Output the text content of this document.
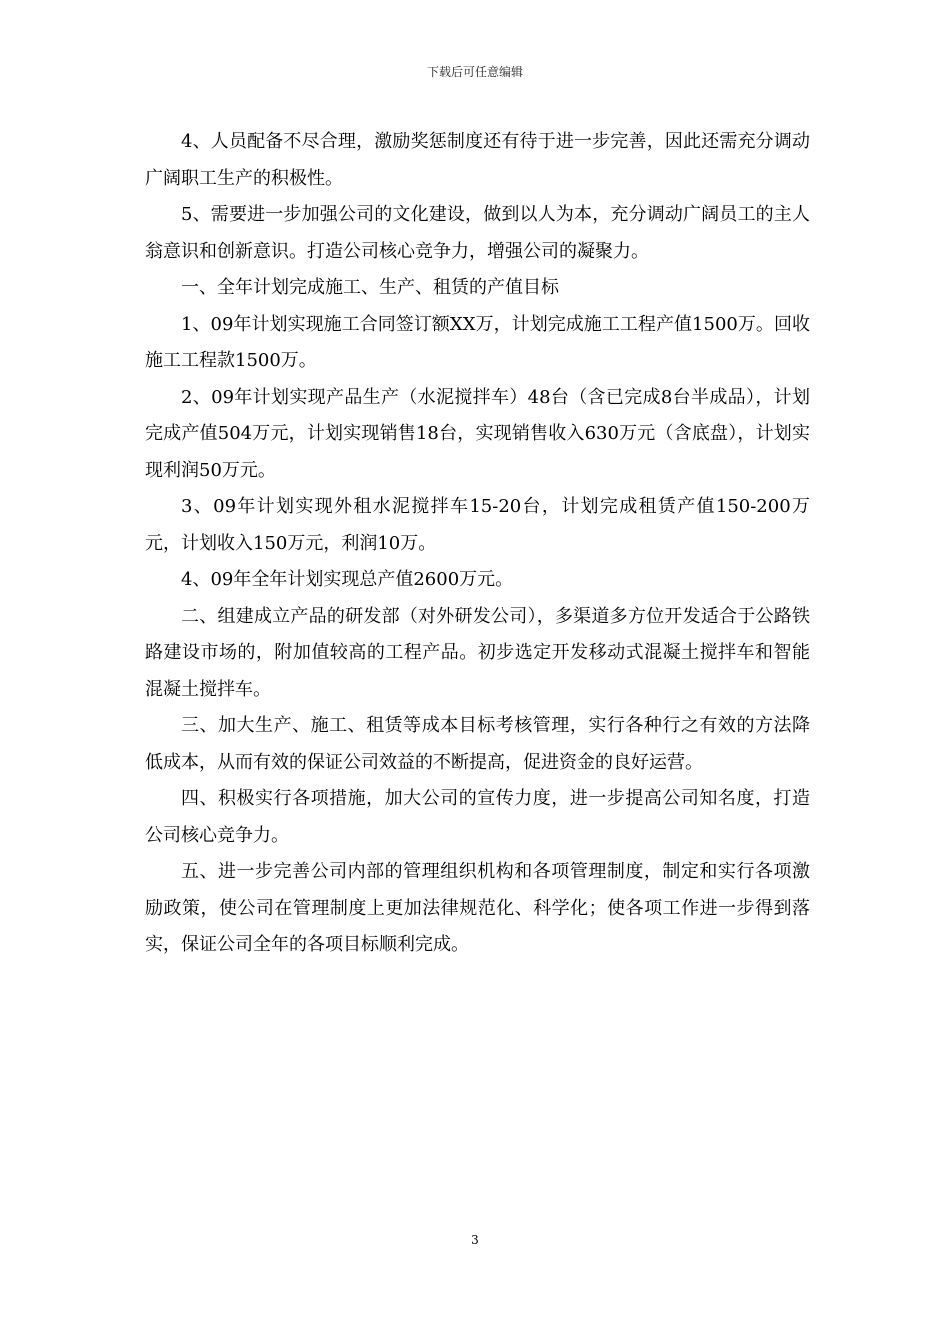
下载后可任意编辑

4、人员配备不尽合理，激励奖惩制度还有待于进一步完善，因此还需充分调动广阔职工生产的积极性。

5、需要进一步加强公司的文化建设，做到以人为本，充分调动广阔员工的主人翁意识和创新意识。打造公司核心竞争力，增强公司的凝聚力。

一、全年计划完成施工、生产、租赁的产值目标

1、09年计划实现施工合同签订额XX万，计划完成施工工程产值1500万。回收施工工程款1500万。

2、09年计划实现产品生产（水泥搅拌车）48台（含已完成8台半成品），计划完成产值504万元，计划实现销售18台，实现销售收入630万元（含底盘），计划实现利润50万元。

3、09年计划实现外租水泥搅拌车15-20台，计划完成租赁产值150-200万元，计划收入150万元，利润10万。

4、09年全年计划实现总产值2600万元。

二、组建成立产品的研发部（对外研发公司），多渠道多方位开发适合于公路铁路建设市场的，附加值较高的工程产品。初步选定开发移动式混凝土搅拌车和智能混凝土搅拌车。

三、加大生产、施工、租赁等成本目标考核管理，实行各种行之有效的方法降低成本，从而有效的保证公司效益的不断提高，促进资金的良好运营。

四、积极实行各项措施，加大公司的宣传力度，进一步提高公司知名度，打造公司核心竞争力。

五、进一步完善公司内部的管理组织机构和各项管理制度，制定和实行各项激励政策，使公司在管理制度上更加法律规范化、科学化；使各项工作进一步得到落实，保证公司全年的各项目标顺利完成。

3
